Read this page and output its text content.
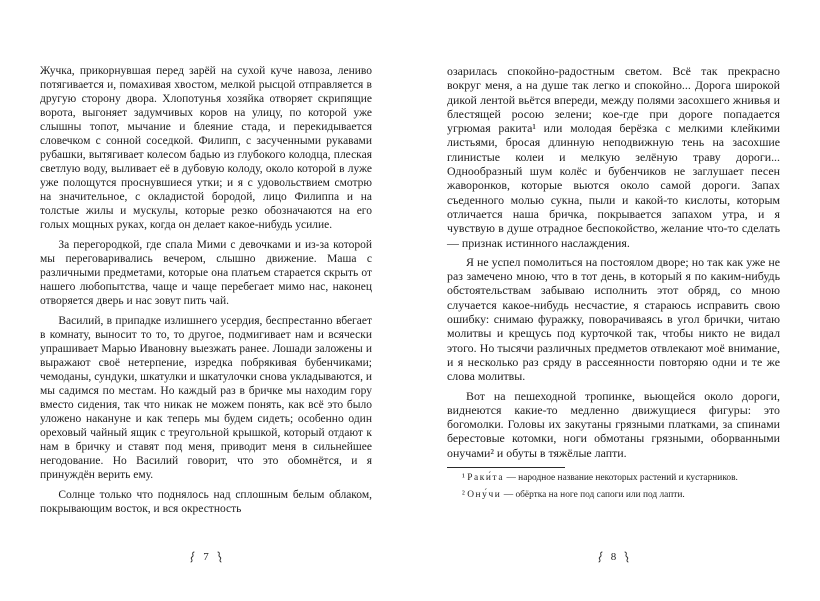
Жучка, прикорнувшая перед зарёй на сухой куче навоза, лениво потягивается и, помахивая хвостом, мелкой рысцой отправляется в другую сторону двора. Хлопотунья хозяйка отворяет скрипящие ворота, выгоняет задумчивых коров на улицу, по которой уже слышны топот, мычание и блеяние стада, и перекидывается словечком с сонной соседкой. Филипп, с засученными рукавами рубашки, вытягивает колесом бадью из глубокого колодца, плеская светлую воду, выливает её в дубовую колоду, около которой в луже уже полощутся проснувшиеся утки; и я с удовольствием смотрю на значительное, с окладистой бородой, лицо Филиппа и на толстые жилы и мускулы, которые резко обозначаются на его голых мощных руках, когда он делает какое-нибудь усилие.

За перегородкой, где спала Мими с девочками и из-за которой мы переговаривались вечером, слышно движение. Маша с различными предметами, которые она платьем старается скрыть от нашего любопытства, чаще и чаще перебегает мимо нас, наконец отворяется дверь и нас зовут пить чай.

Василий, в припадке излишнего усердия, беспрестанно вбегает в комнату, выносит то то, то другое, подмигивает нам и всячески упрашивает Марью Ивановну выезжать ранее. Лошади заложены и выражают своё нетерпение, изредка побрякивая бубенчиками; чемоданы, сундуки, шкатулки и шкатулочки снова укладываются, и мы садимся по местам. Но каждый раз в бричке мы находим гору вместо сидения, так что никак не можем понять, как всё это было уложено накануне и как теперь мы будем сидеть; особенно один ореховый чайный ящик с треугольной крышкой, который отдают к нам в бричку и ставят под меня, приводит меня в сильнейшее негодование. Но Василий говорит, что это обомнётся, и я принуждён верить ему.

Солнце только что поднялось над сплошным белым облаком, покрывающим восток, и вся окрестность

озарилась спокойно-радостным светом. Всё так прекрасно вокруг меня, а на душе так легко и спокойно... Дорога широкой дикой лентой вьётся впереди, между полями засохшего жнивья и блестящей росою зелени; кое-где при дороге попадается угрюмая ракита¹ или молодая берёзка с мелкими клейкими листьями, бросая длинную неподвижную тень на засохшие глинистые колеи и мелкую зелёную траву дороги... Однообразный шум колёс и бубенчиков не заглушает песен жаворонков, которые вьются около самой дороги. Запах съеденного молью сукна, пыли и какой-то кислоты, которым отличается наша бричка, покрывается запахом утра, и я чувствую в душе отрадное беспокойство, желание что-то сделать — признак истинного наслаждения.

Я не успел помолиться на постоялом дворе; но так как уже не раз замечено мною, что в тот день, в который я по каким-нибудь обстоятельствам забываю исполнить этот обряд, со мною случается какое-нибудь несчастие, я стараюсь исправить свою ошибку: снимаю фуражку, поворачиваясь в угол брички, читаю молитвы и крещусь под курточкой так, чтобы никто не видал этого. Но тысячи различных предметов отвлекают моё внимание, и я несколько раз сряду в рассеянности повторяю одни и те же слова молитвы.

Вот на пешеходной тропинке, вьющейся около дороги, виднеются какие-то медленно движущиеся фигуры: это богомолки. Головы их закутаны грязными платками, за спинами берестовые котомки, ноги обмотаны грязными, оборванными онучами² и обуты в тяжёлые лапти.

¹ Раки́та — народное название некоторых растений и кустарников.

² Ону́чи — обёртка на ноге под сапоги или под лапти.

7	8
